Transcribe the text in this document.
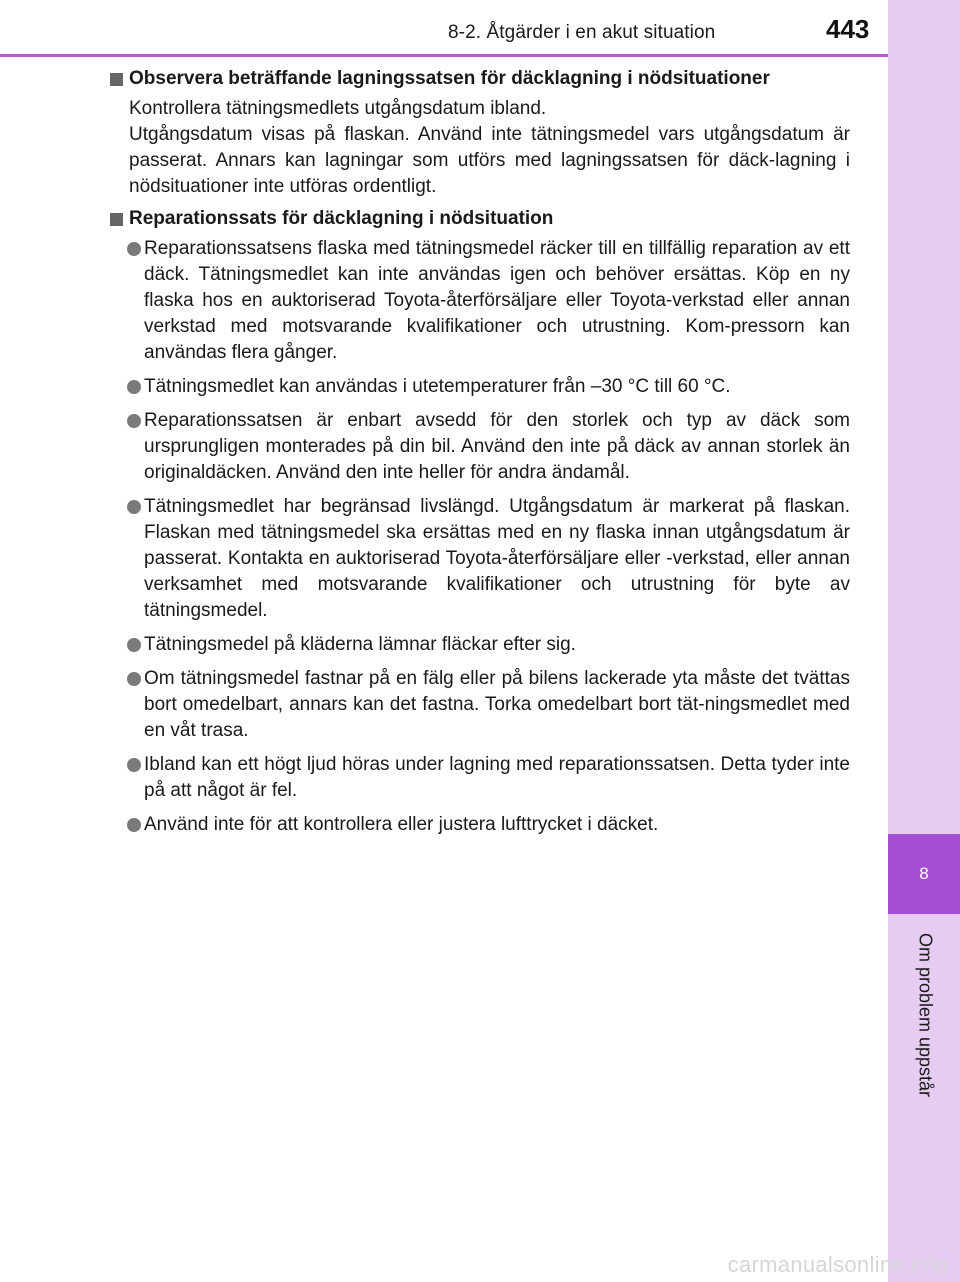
8-2. Åtgärder i en akut situation	443
8
Om problem uppstår
Observera beträffande lagningssatsen för däcklagning i nödsituationer

Kontrollera tätningsmedlets utgångsdatum ibland.

Utgångsdatum visas på flaskan. Använd inte tätningsmedel vars utgångsdatum är passerat. Annars kan lagningar som utförs med lagningssatsen för däck-lagning i nödsituationer inte utföras ordentligt.

Reparationssats för däcklagning i nödsituation
Reparationssatsens flaska med tätningsmedel räcker till en tillfällig reparation av ett däck. Tätningsmedlet kan inte användas igen och behöver ersättas. Köp en ny flaska hos en auktoriserad Toyota-återförsäljare eller Toyota-verkstad eller annan verkstad med motsvarande kvalifikationer och utrustning. Kom-pressorn kan användas flera gånger.
Tätningsmedlet kan användas i utetemperaturer från –30 °C till 60 °C.
Reparationssatsen är enbart avsedd för den storlek och typ av däck som ursprungligen monterades på din bil. Använd den inte på däck av annan storlek än originaldäcken. Använd den inte heller för andra ändamål.
Tätningsmedlet har begränsad livslängd. Utgångsdatum är markerat på flaskan. Flaskan med tätningsmedel ska ersättas med en ny flaska innan utgångsdatum är passerat. Kontakta en auktoriserad Toyota-återförsäljare eller -verkstad, eller annan verksamhet med motsvarande kvalifikationer och utrustning för byte av tätningsmedel.
Tätningsmedel på kläderna lämnar fläckar efter sig.
Om tätningsmedel fastnar på en fälg eller på bilens lackerade yta måste det tvättas bort omedelbart, annars kan det fastna. Torka omedelbart bort tät-ningsmedlet med en våt trasa.
Ibland kan ett högt ljud höras under lagning med reparationssatsen. Detta tyder inte på att något är fel.
Använd inte för att kontrollera eller justera lufttrycket i däcket.
carmanualsonline.info
